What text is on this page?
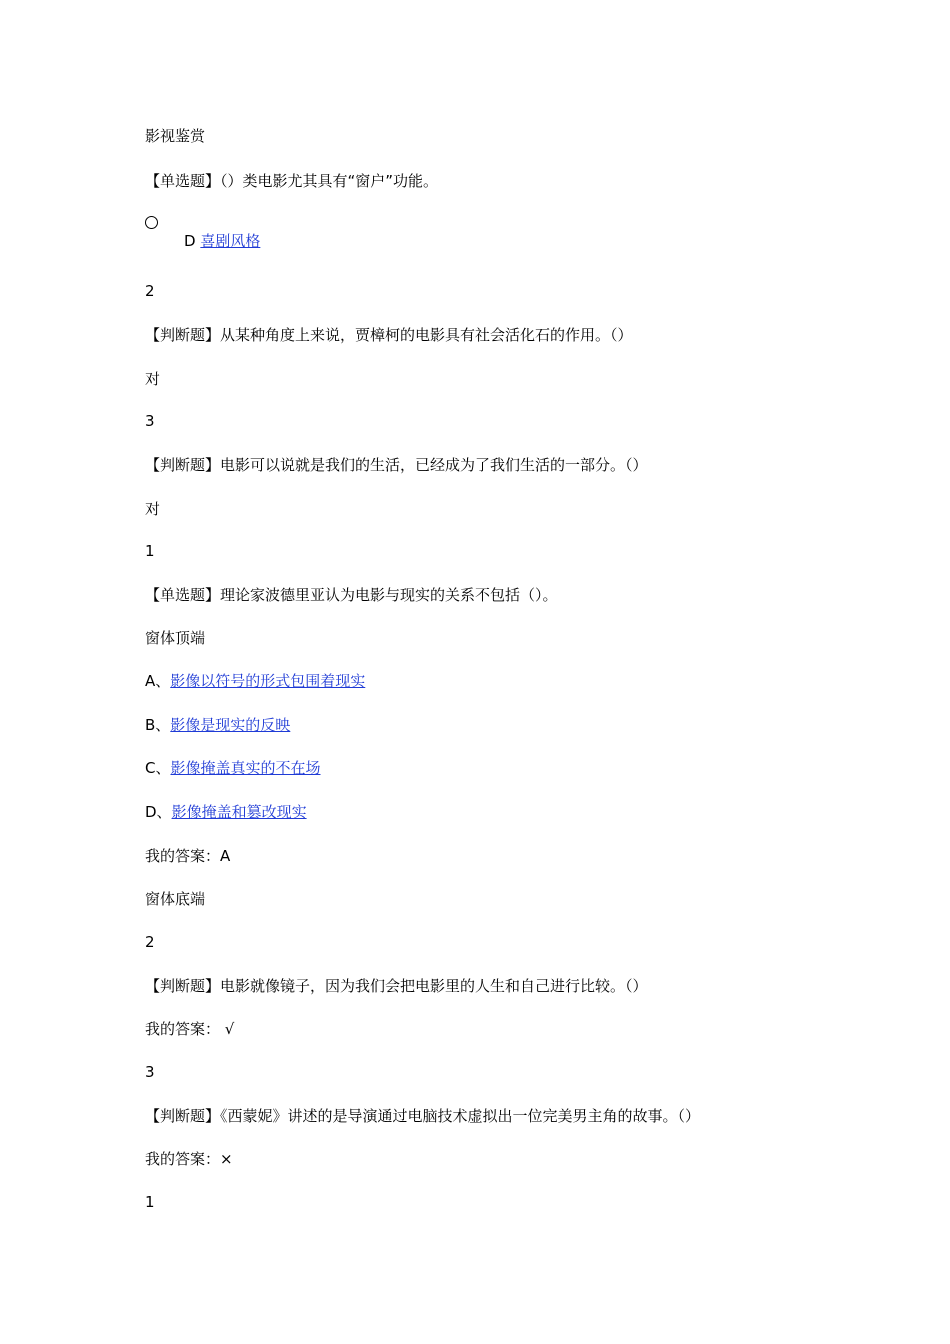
影视鉴赏
【单选题】（）类电影尤其具有“窗户”功能。
D 喜剧风格
2
【判断题】从某种角度上来说，贾樟柯的电影具有社会活化石的作用。（）
对
3
【判断题】电影可以说就是我们的生活，已经成为了我们生活的一部分。（）
对
1
【单选题】理论家波德里亚认为电影与现实的关系不包括（）。
窗体顶端
A、影像以符号的形式包围着现实
B、影像是现实的反映
C、影像掩盖真实的不在场
D、影像掩盖和篡改现实
我的答案：A
窗体底端
2
【判断题】电影就像镜子，因为我们会把电影里的人生和自己进行比较。（）
我的答案： √
3
【判断题】《西蒙妮》讲述的是导演通过电脑技术虚拟出一位完美男主角的故事。（）
我的答案：×
1
